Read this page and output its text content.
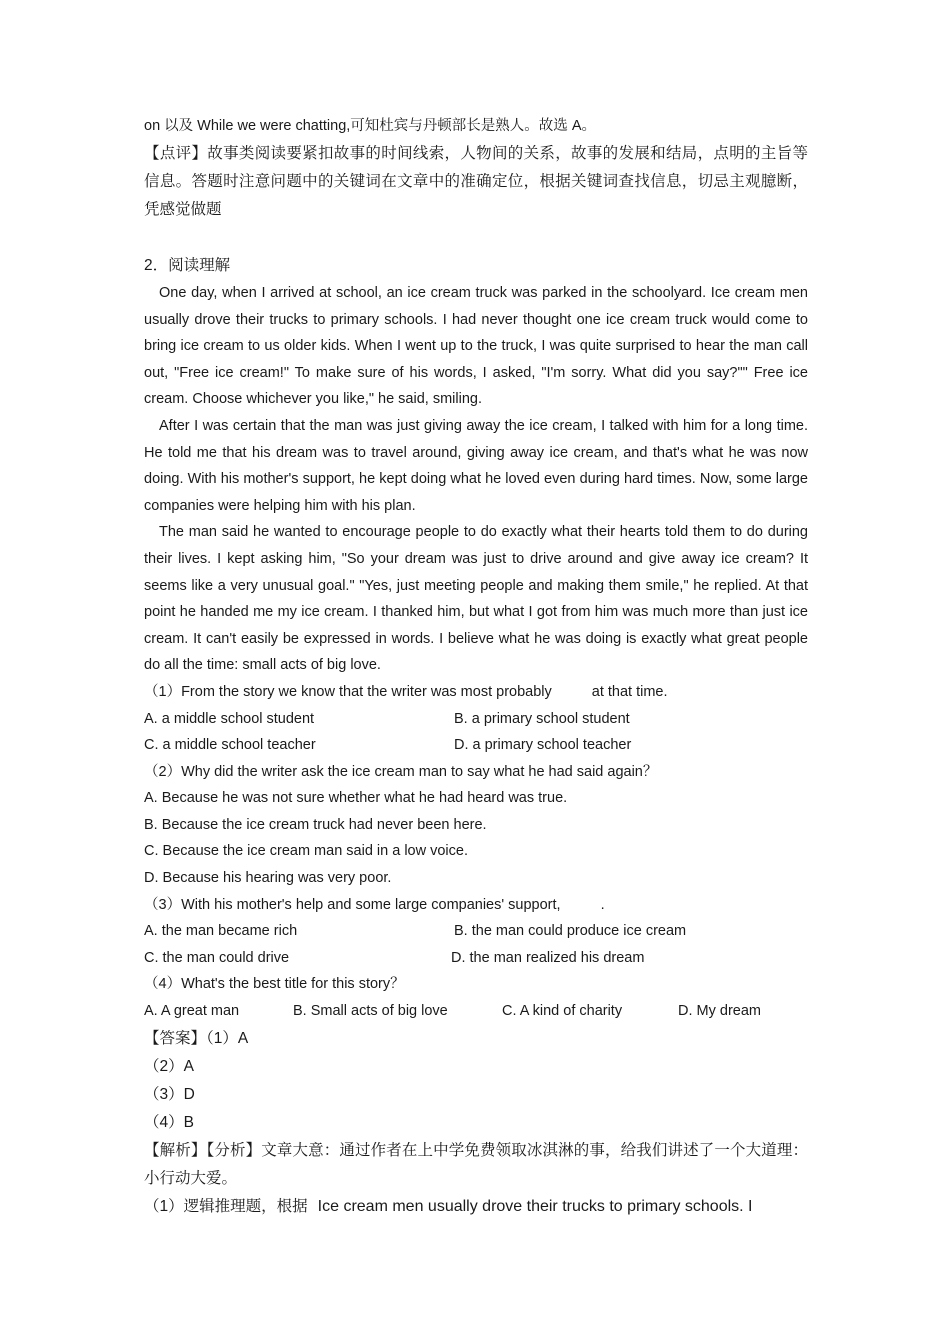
on 以及 While we were chatting,可知杜宾与丹顿部长是熟人。故选 A。
【点评】故事类阅读要紧扣故事的时间线索，人物间的关系，故事的发展和结局，点明的主旨等信息。答题时注意问题中的关键词在文章中的准确定位，根据关键词查找信息，切忌主观臆断，凭感觉做题
2．阅读理解
One day, when I arrived at school, an ice cream truck was parked in the schoolyard. Ice cream men usually drove their trucks to primary schools. I had never thought one ice cream truck would come to bring ice cream to us older kids. When I went up to the truck, I was quite surprised to hear the man call out, "Free ice cream!" To make sure of his words, I asked, "I'm sorry. What did you say?"" Free ice cream. Choose whichever you like," he said, smiling.
After I was certain that the man was just giving away the ice cream, I talked with him for a long time. He told me that his dream was to travel around, giving away ice cream, and that's what he was now doing. With his mother's support, he kept doing what he loved even during hard times. Now, some large companies were helping him with his plan.
The man said he wanted to encourage people to do exactly what their hearts told them to do during their lives. I kept asking him, "So your dream was just to drive around and give away ice cream? It seems like a very unusual goal." "Yes, just meeting people and making them smile," he replied. At that point he handed me my ice cream. I thanked him, but what I got from him was much more than just ice cream. It can't easily be expressed in words. I believe what he was doing is exactly what great people do all the time: small acts of big love.
（1）From the story we know that the writer was most probably	at that time.
A. a middle school student	B. a primary school student
C. a middle school teacher	D. a primary school teacher
（2）Why did the writer ask the ice cream man to say what he had said again？
A. Because he was not sure whether what he had heard was true.
B. Because the ice cream truck had never been here.
C. Because the ice cream man said in a low voice.
D. Because his hearing was very poor.
（3）With his mother's help and some large companies' support,	.
A. the man became rich	B. the man could produce ice cream
C. the man could drive	D. the man realized his dream
（4）What's the best title for this story？
A. A great man	B. Small acts of big love	C. A kind of charity	D. My dream
【答案】（1）A
（2）A
（3）D
（4）B
【解析】【分析】文章大意：通过作者在上中学免费领取冰淇淋的事，给我们讲述了一个大道理：小行动大爱。
（1）逻辑推理题，根据 Ice cream men usually drove their trucks to primary schools. I
